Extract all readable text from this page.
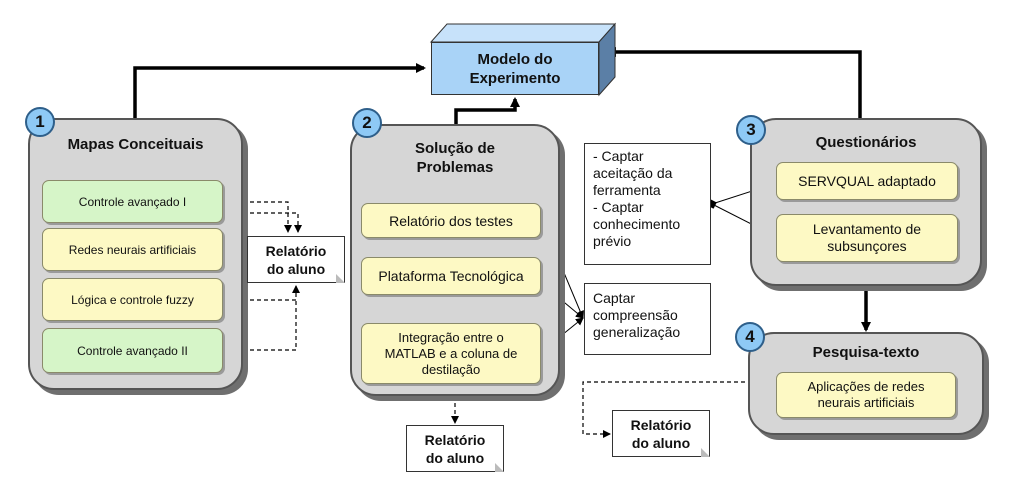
Modelo do
Experimento
Mapas Conceituais
Controle avançado I
Redes neurais artificiais
Lógica e controle fuzzy
Controle avançado II
1
Relatório
do aluno
Solução de
Problemas
Relatório dos testes
Plataforma Tecnológica
Integração entre o
MATLAB e a coluna de
destilação
2
Relatório
do aluno
- Captar
aceitação da
ferramenta
- Captar
conhecimento
prévio
Captar
compreensão
generalização
Questionários
SERVQUAL adaptado
Levantamento de
subsunçores
3
Pesquisa-texto
Aplicações de redes
neurais artificiais
4
Relatório
do aluno
